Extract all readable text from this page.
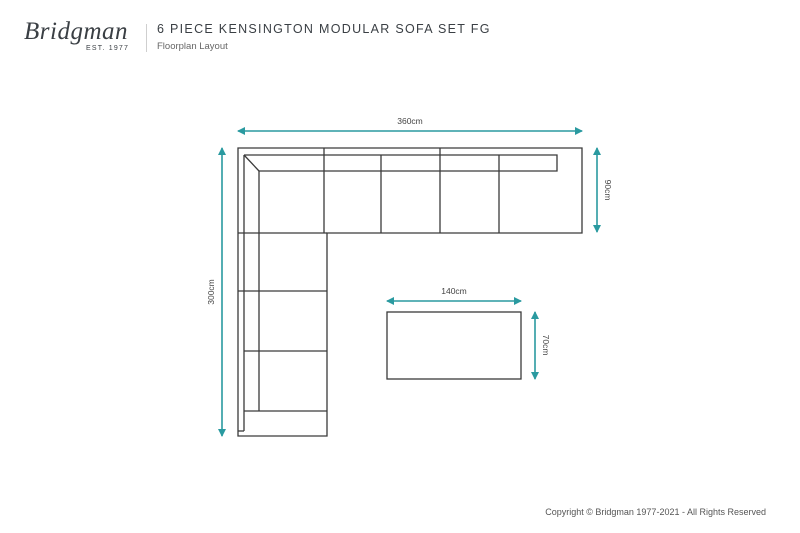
Bridgman
EST. 1977
6 PIECE KENSINGTON MODULAR SOFA SET FG
Floorplan Layout
360cm
140cm
90cm
70cm
300cm
Copyright © Bridgman 1977-2021 - All Rights Reserved
